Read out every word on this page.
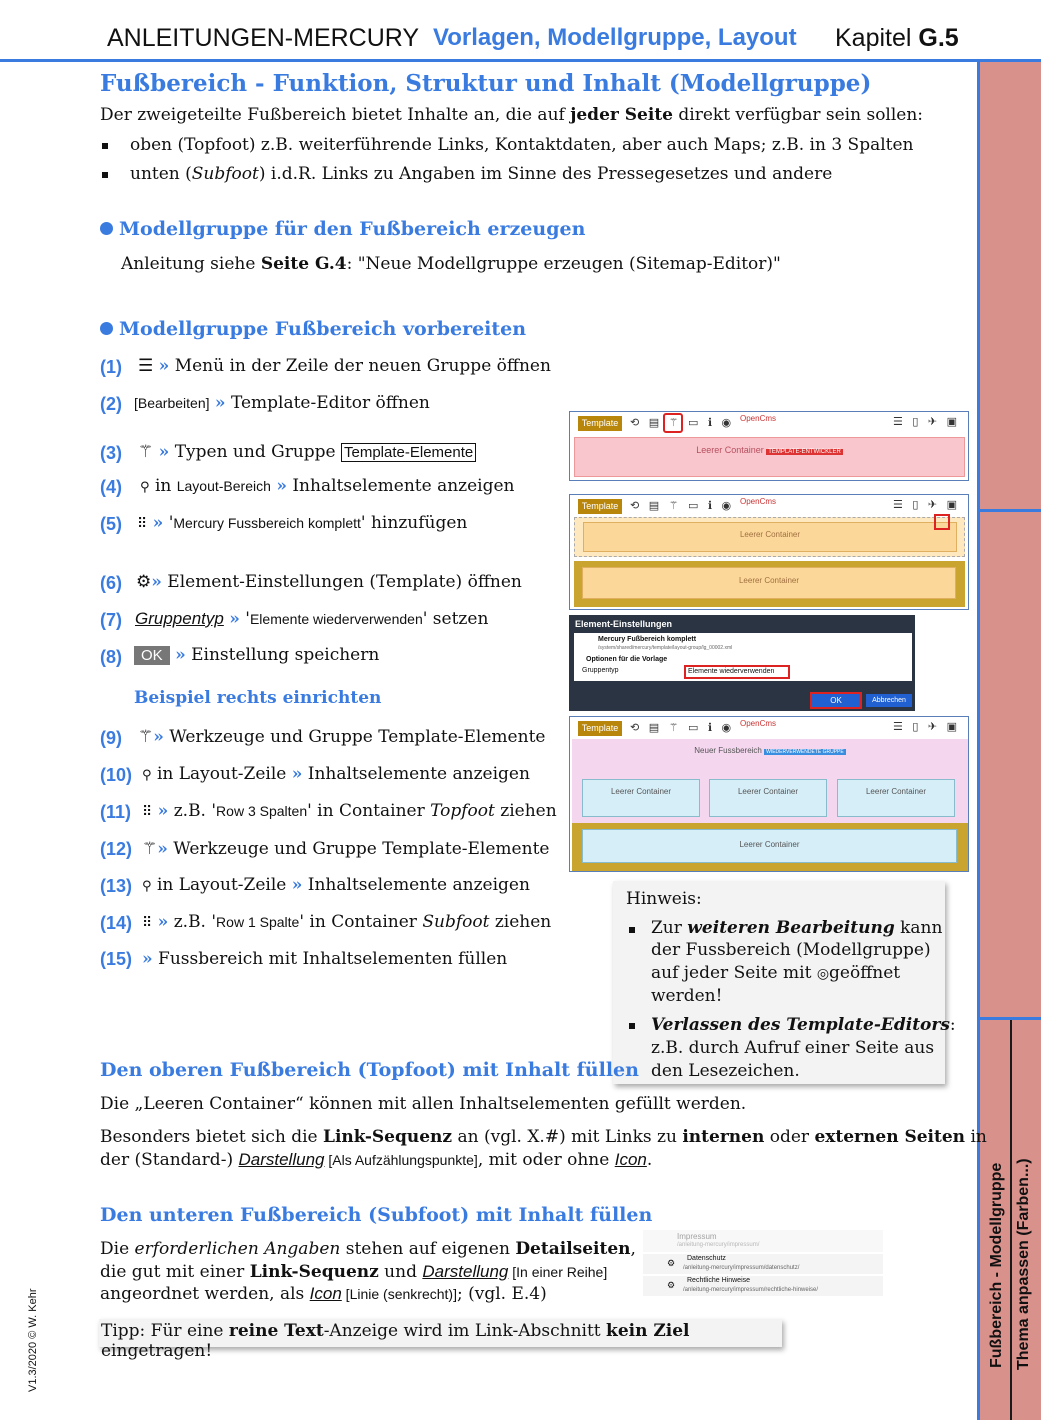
ANLEITUNGEN-MERCURY Vorlagen, Modellgruppe, Layout Kapitel G.5
Fußbereich - Modellgruppe Thema anpassen (Farben...)
V1.3/2020 © W. Kehr
Fußbereich - Funktion, Struktur und Inhalt (Modellgruppe)
Der zweigeteilte Fußbereich bietet Inhalte an, die auf jeder Seite direkt verfügbar sein sollen:
oben (Topfoot) z.B. weiterführende Links, Kontaktdaten, aber auch Maps; z.B. in 3 Spalten
unten (Subfoot) i.d.R. Links zu Angaben im Sinne des Pressegesetzes und andere
Modellgruppe für den Fußbereich erzeugen
Anleitung siehe Seite G.4: "Neue Modellgruppe erzeugen (Sitemap-Editor)"
Modellgruppe Fußbereich vorbereiten
(1) ☰ » Menü in der Zeile der neuen Gruppe öffnen
(2) [Bearbeiten] » Template-Editor öffnen
(3) ⚚ » Typen und Gruppe Template-Elemente
(4) ⚲ in Layout-Bereich » Inhaltselemente anzeigen
(5) ⠿ » 'Mercury Fussbereich komplett' hinzufügen
(6) ⚙» Element-Einstellungen (Template) öffnen
(7) Gruppentyp » 'Elemente wiederverwenden' setzen
(8)	OK » Einstellung speichern
Beispiel rechts einrichten
(9) ⚚» Werkzeuge und Gruppe Template-Elemente
(10) ⚲ in Layout-Zeile » Inhaltselemente anzeigen
(11) ⠿ » z.B. 'Row 3 Spalten' in Container Topfoot ziehen
(12) ⚚» Werkzeuge und Gruppe Template-Elemente
(13) ⚲ in Layout-Zeile » Inhaltselemente anzeigen
(14) ⠿ » z.B. 'Row 1 Spalte' in Container Subfoot ziehen
(15) » Fussbereich mit Inhaltselementen füllen
Template	⟲ ▤ ⚚ ▭ ℹ ◉ OpenCms	☰ ▯ ✈ ▣
Leerer Container TEMPLATE-ENTWICKLER
Template	⟲ ▤ ⚚ ▭ ℹ ◉ OpenCms	☰ ▯ ✈ ▣
Leerer Container
Leerer Container
Element-Einstellungen
Mercury Fußbereich komplett
/system/shared/mercury/template/layout-group/lg_00002.xml
Optionen für die Vorlage
Gruppentyp	Elemente wiederverwenden
OK	Abbrechen
Template	⟲ ▤ ⚚ ▭ ℹ ◉ OpenCms	☰ ▯ ✈ ▣
Neuer Fussbereich WIEDERVERWENDETE GRUPPE
Leerer Container	Leerer Container	Leerer Container
Leerer Container
Hinweis:
Zur weiteren Bearbeitung kann
der Fussbereich (Modellgruppe)
auf jeder Seite mit ◎geöffnet
werden!
Verlassen des Template-Editors:
z.B. durch Aufruf einer Seite aus
den Lesezeichen.
Den oberen Fußbereich (Topfoot) mit Inhalt füllen
Die „Leeren Container“ können mit allen Inhaltselementen gefüllt werden.
Besonders bietet sich die Link-Sequenz an (vgl. X.#) mit Links zu internen oder externen Seiten in
der (Standard-) Darstellung [Als Aufzählungspunkte], mit oder ohne Icon.
Den unteren Fußbereich (Subfoot) mit Inhalt füllen
Die erforderlichen Angaben stehen auf eigenen Detailseiten,
die gut mit einer Link-Sequenz und Darstellung [In einer Reihe]
angeordnet werden, als Icon [Linie (senkrecht)]; (vgl. E.4)
Impressum
/anleitung-mercury/impressum/
⚙ Datenschutz
/anleitung-mercury/impressum/datenschutz/
⚙ Rechtliche Hinweise
/anleitung-mercury/impressum/rechtliche-hinweise/
Tipp: Für eine reine Text-Anzeige wird im Link-Abschnitt kein Ziel eingetragen!
